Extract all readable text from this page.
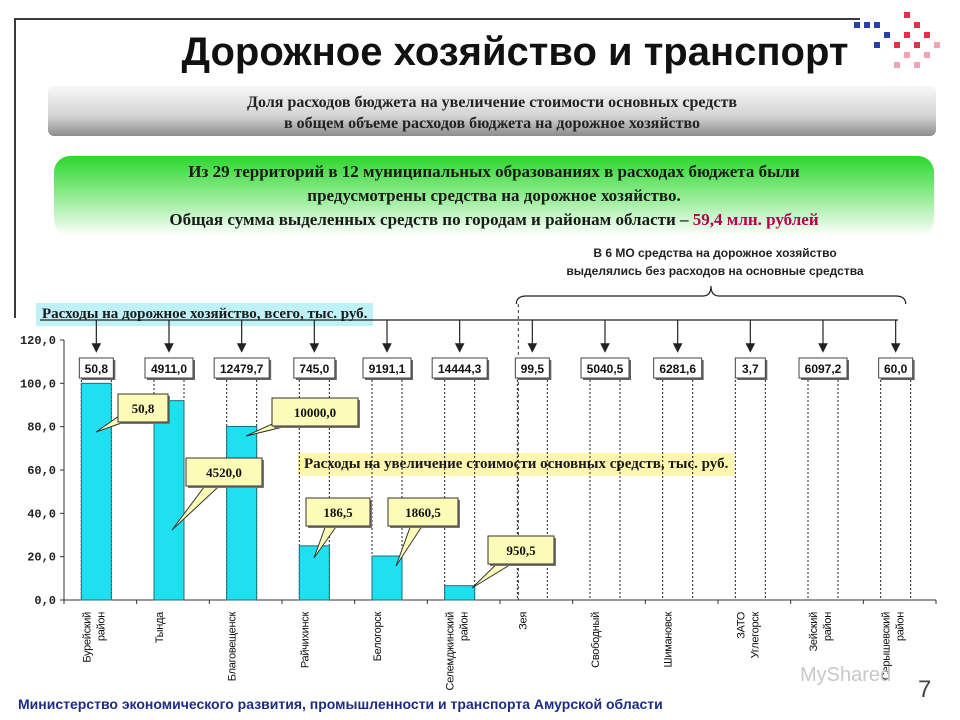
Дорожное хозяйство и транспорт
Доля расходов бюджета на увеличение стоимости основных средств
в общем объеме расходов бюджета на дорожное хозяйство
Из 29 территорий в 12 муниципальных образованиях в расходах бюджета были
предусмотрены средства на дорожное хозяйство.
Общая сумма выделенных средств по городам и районам области – 59,4 млн. рублей
В 6 МО средства на дорожное хозяйство
выделялись без расходов на основные средства
Расходы на дорожное хозяйство, всего, тыс. руб.
Расходы на увеличение стоимости основных средств, тыс. руб.
0,0
20,0
40,0
60,0
80,0
100,0
120,0
Бурейский район	Тында	Благовещенск	Райчихинск	Белогорск	Селемджинский район	Зея	Свободный	Шимановск	ЗАТО Углегорск	Зейский район	Серышевский район
50,8	4911,0	12479,7	745,0	9191,1	14444,3	99,5	5040,5	6281,6	3,7	6097,2	60,0
50,8
4520,0
10000,0
186,5	1860,5
950,5
Министерство экономического развития, промышленности и транспорта Амурской области
MyShared
7
